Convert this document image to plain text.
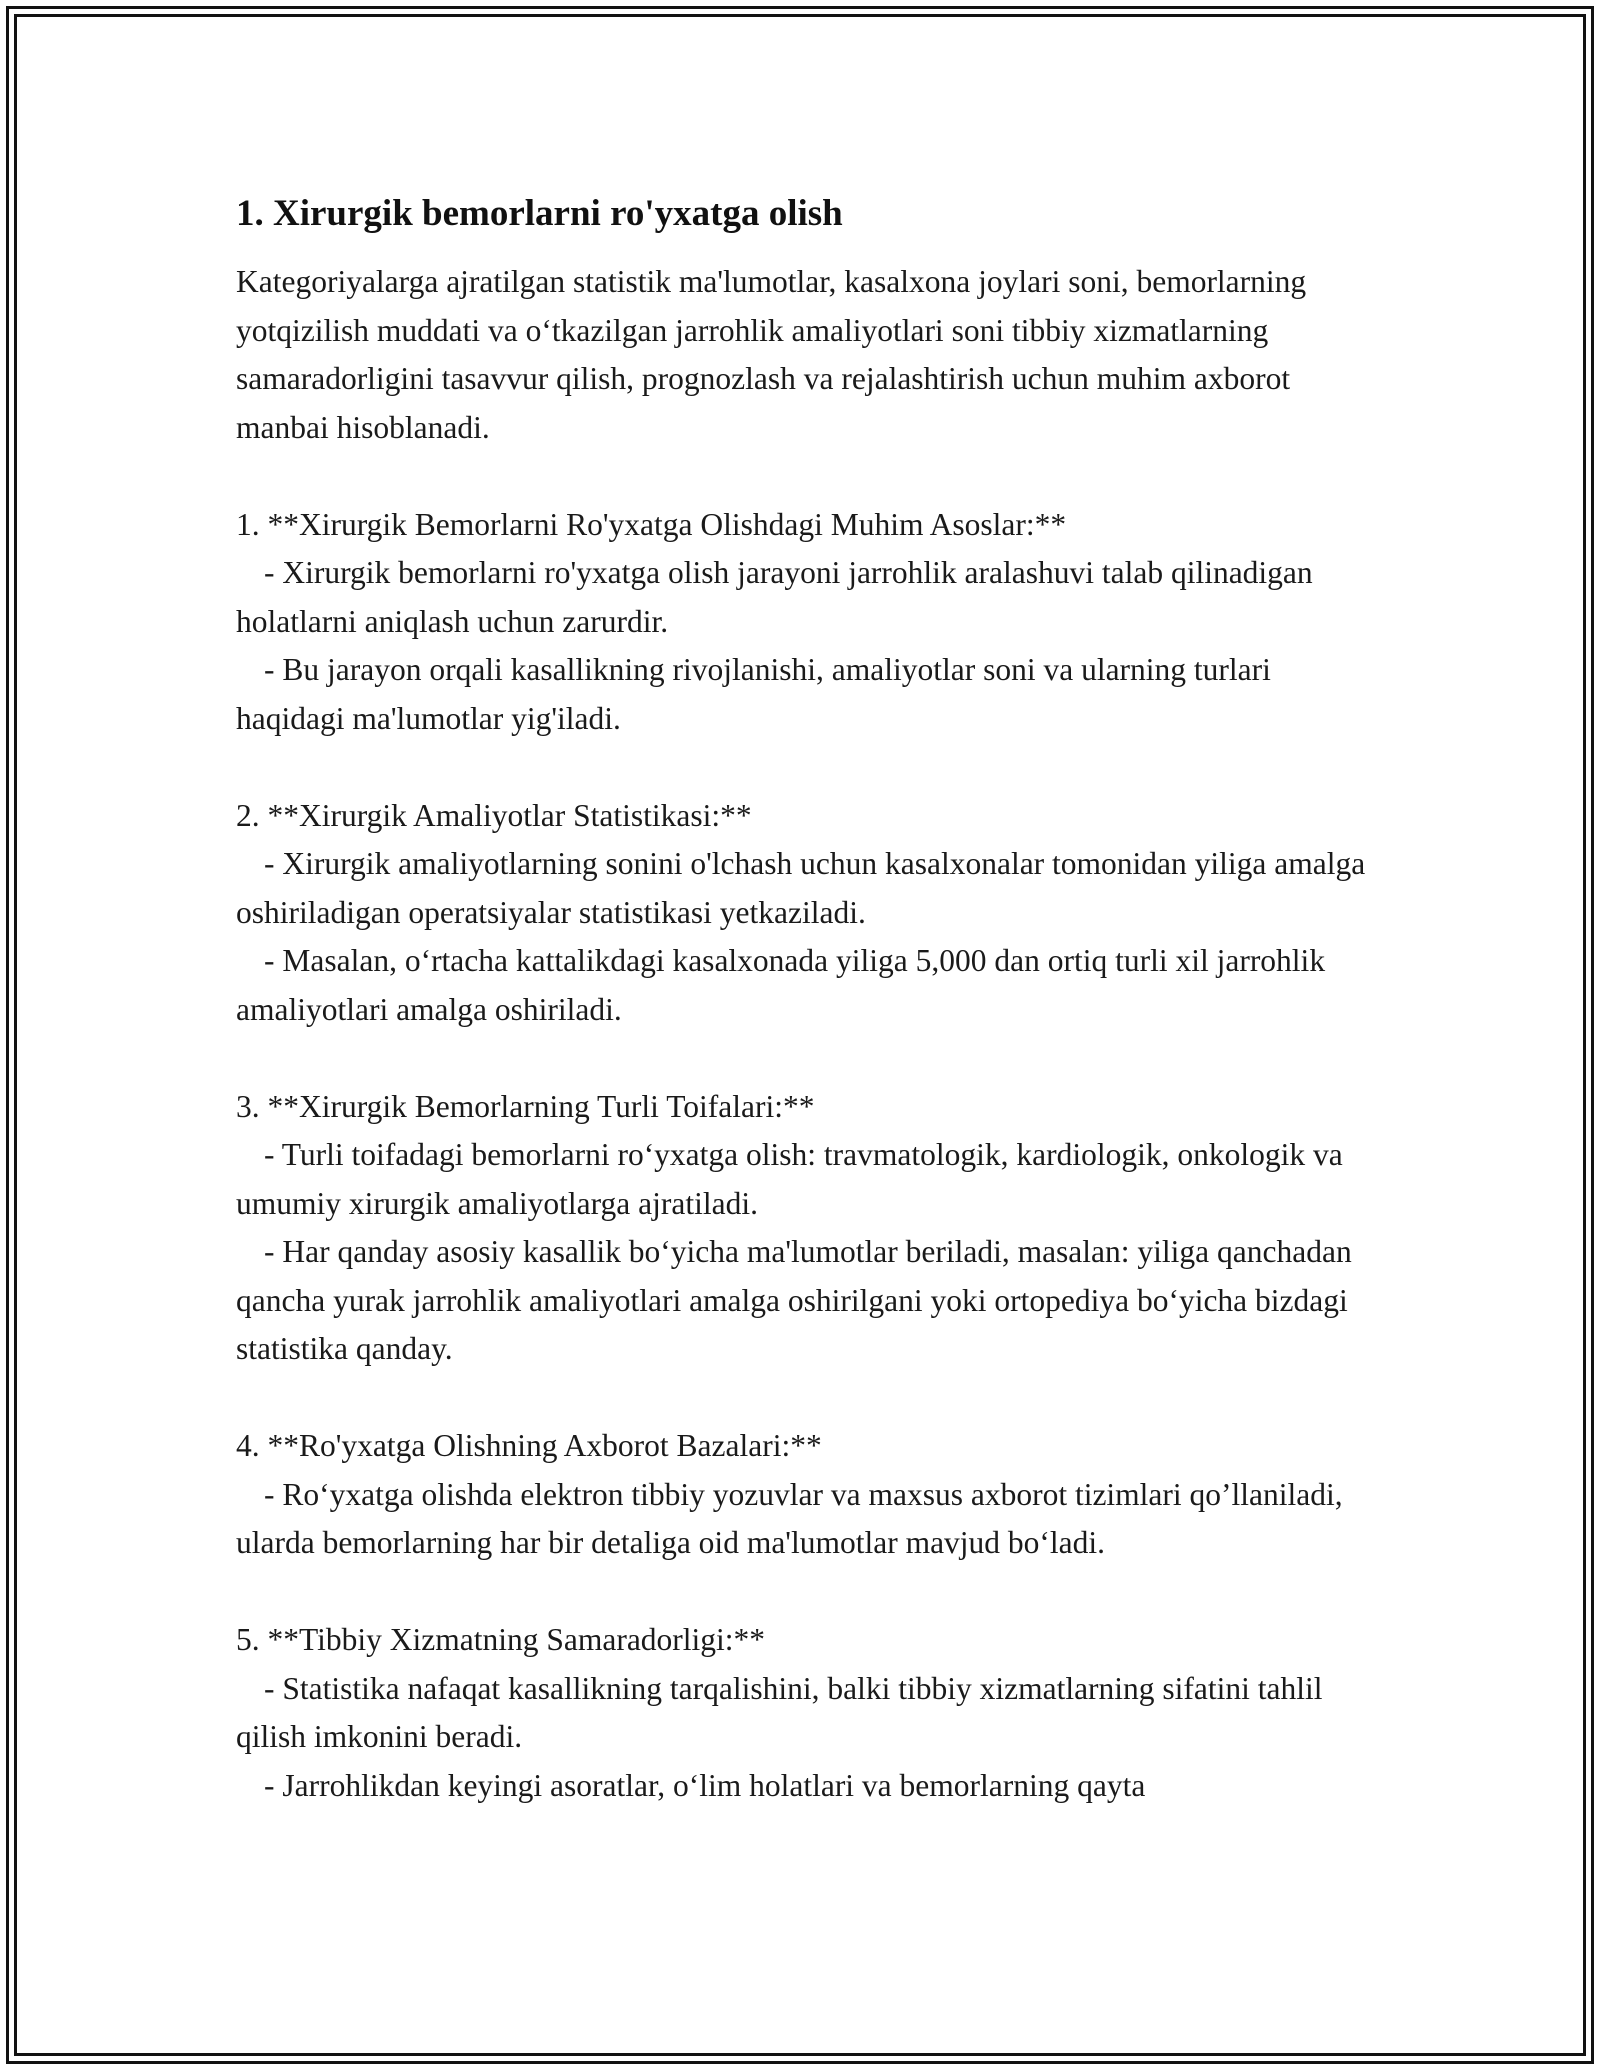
1. Xirurgik bemorlarni ro'yxatga olish

Kategoriyalarga ajratilgan statistik ma'lumotlar, kasalxona joylari soni, bemorlarning yotqizilish muddati va o‘tkazilgan jarrohlik amaliyotlari soni tibbiy xizmatlarning samaradorligini tasavvur qilish, prognozlash va rejalashtirish uchun muhim axborot manbai hisoblanadi.

1. **Xirurgik Bemorlarni Ro'yxatga Olishdagi Muhim Asoslar:**

- Xirurgik bemorlarni ro'yxatga olish jarayoni jarrohlik aralashuvi talab qilinadigan holatlarni aniqlash uchun zarurdir.

- Bu jarayon orqali kasallikning rivojlanishi, amaliyotlar soni va ularning turlari haqidagi ma'lumotlar yig'iladi.

2. **Xirurgik Amaliyotlar Statistikasi:**

- Xirurgik amaliyotlarning sonini o'lchash uchun kasalxonalar tomonidan yiliga amalga oshiriladigan operatsiyalar statistikasi yetkaziladi.

- Masalan, o‘rtacha kattalikdagi kasalxonada yiliga 5,000 dan ortiq turli xil jarrohlik amaliyotlari amalga oshiriladi.

3. **Xirurgik Bemorlarning Turli Toifalari:**

- Turli toifadagi bemorlarni ro‘yxatga olish: travmatologik, kardiologik, onkologik va umumiy xirurgik amaliyotlarga ajratiladi.

- Har qanday asosiy kasallik bo‘yicha ma'lumotlar beriladi, masalan: yiliga qanchadan qancha yurak jarrohlik amaliyotlari amalga oshirilgani yoki ortopediya bo‘yicha bizdagi statistika qanday.

4. **Ro'yxatga Olishning Axborot Bazalari:**

- Ro‘yxatga olishda elektron tibbiy yozuvlar va maxsus axborot tizimlari qo’llaniladi, ularda bemorlarning har bir detaliga oid ma'lumotlar mavjud bo‘ladi.

5. **Tibbiy Xizmatning Samaradorligi:**

- Statistika nafaqat kasallikning tarqalishini, balki tibbiy xizmatlarning sifatini tahlil qilish imkonini beradi.

- Jarrohlikdan keyingi asoratlar, o‘lim holatlari va bemorlarning qayta
